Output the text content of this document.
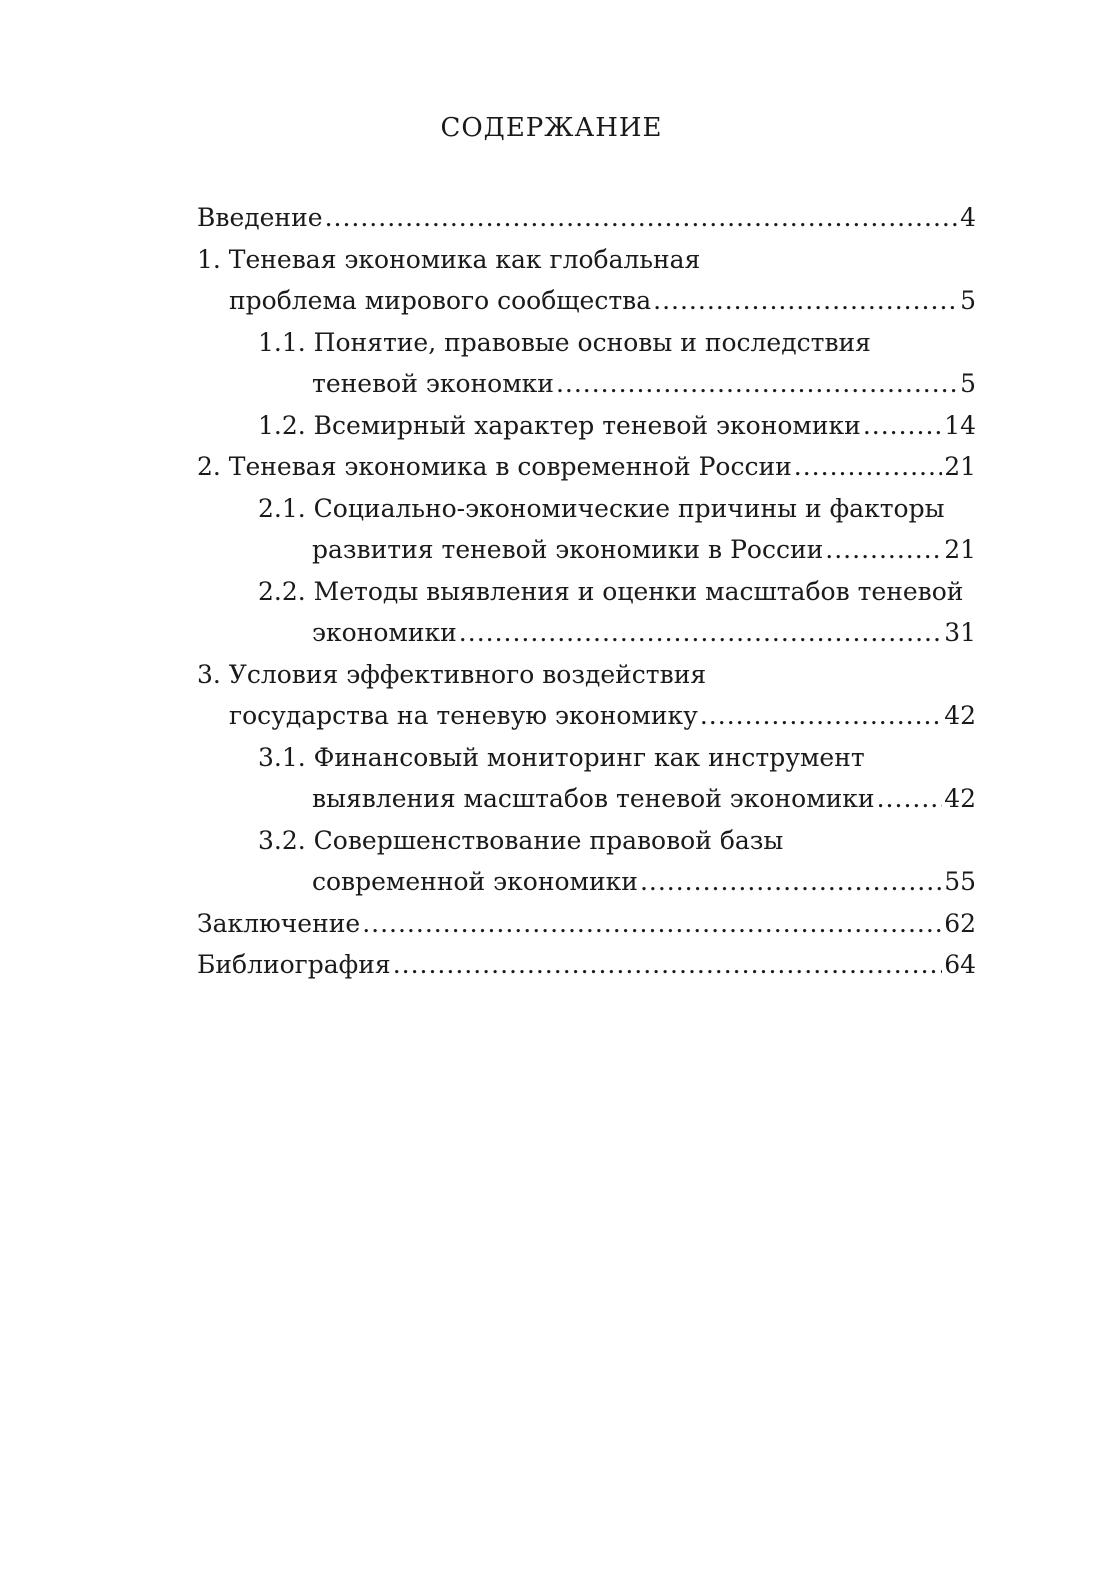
СОДЕРЖАНИЕ
Введение .....	4
1. Теневая экономика как глобальная
проблема мирового сообщества .....	5
1.1. Понятие, правовые основы и последствия
теневой экономки .....	5
1.2. Всемирный характер теневой экономики .....	14
2. Теневая экономика в современной России .....	21
2.1. Социально-экономические причины и факторы
развития теневой экономики в России .....	21
2.2. Методы выявления и оценки масштабов теневой
экономики .....	31
3. Условия эффективного воздействия
государства на теневую экономику .....	42
3.1. Финансовый мониторинг как инструмент
выявления масштабов теневой экономики .....	42
3.2. Совершенствование правовой базы
современной экономики .....	55
Заключение .....	62
Библиография .....	64
